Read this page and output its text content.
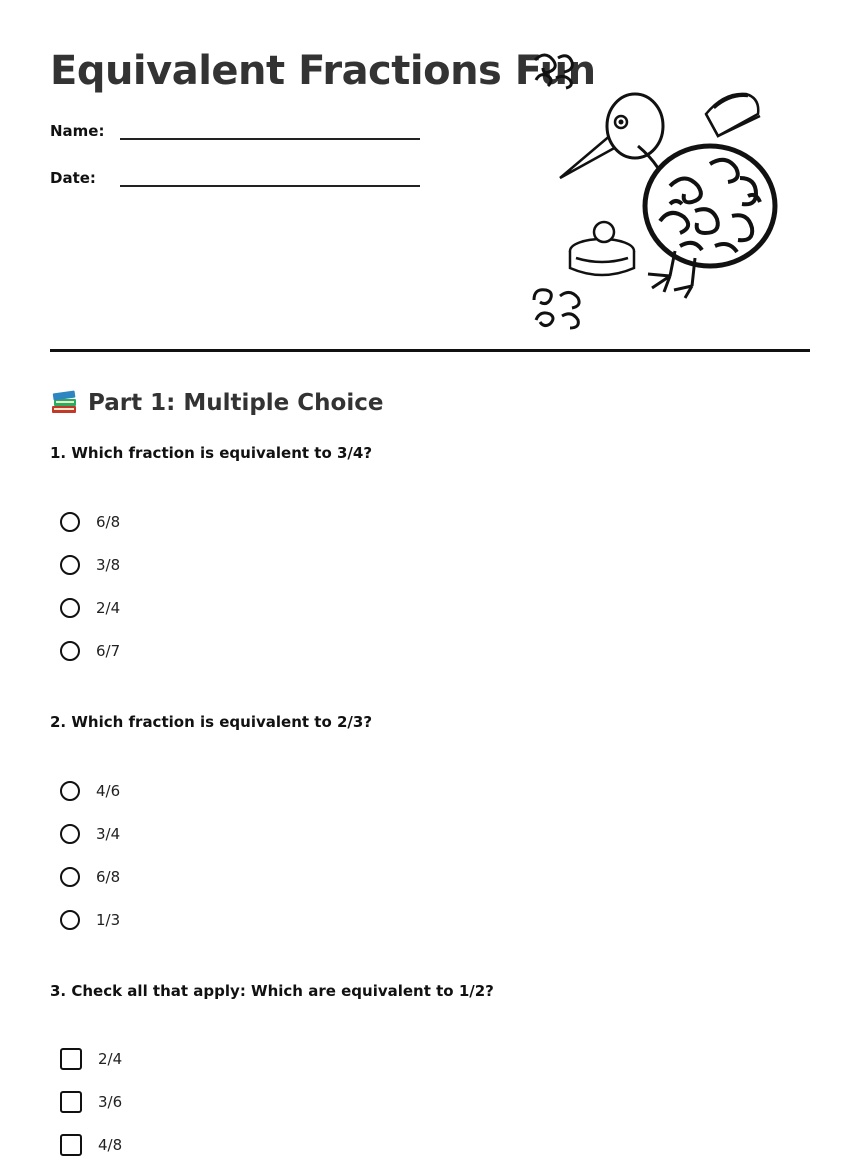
Equivalent Fractions Fun
Name:
Date:
Part 1: Multiple Choice

1. Which fraction is equivalent to 3/4?

6/8
3/8
2/4
6/7

2. Which fraction is equivalent to 2/3?

4/6
3/4
6/8
1/3

3. Check all that apply: Which are equivalent to 1/2?

2/4
3/6
4/8
